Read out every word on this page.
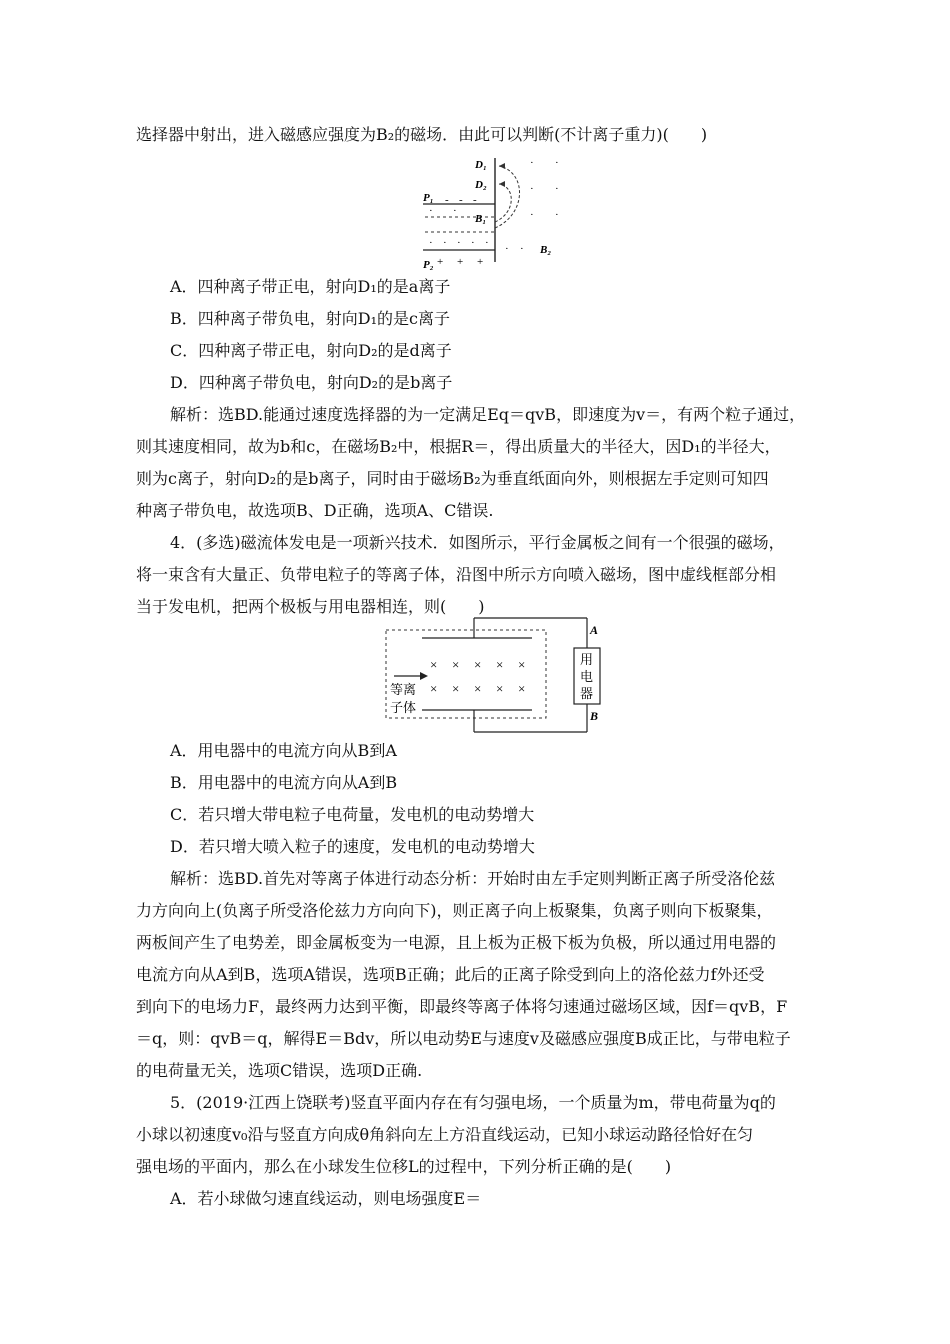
选择器中射出，进入磁感应强度为B₂的磁场．由此可以判断(不计离子重力)(　　)
D₁
D₂
P₁
P₂
B₁
B₂
- - -
+ + +
· ·
· · · · ·
· ·
· ·
· ·
· ·
A．四种离子带正电，射向D₁的是a离子
B．四种离子带负电，射向D₁的是c离子
C．四种离子带正电，射向D₂的是d离子
D．四种离子带负电，射向D₂的是b离子
解析：选BD.能通过速度选择器的为一定满足Eq＝qvB，即速度为v＝，有两个粒子通过，
则其速度相同，故为b和c，在磁场B₂中，根据R＝，得出质量大的半径大，因D₁的半径大，
则为c离子，射向D₂的是b离子，同时由于磁场B₂为垂直纸面向外，则根据左手定则可知四
种离子带负电，故选项B、D正确，选项A、C错误.
4．(多选)磁流体发电是一项新兴技术．如图所示，平行金属板之间有一个很强的磁场，
将一束含有大量正、负带电粒子的等离子体，沿图中所示方向喷入磁场，图中虚线框部分相
当于发电机，把两个极板与用电器相连，则(　　)
× × × × ×
× × × × ×
等离
子体
用
电
器
A
B
A．用电器中的电流方向从B到A
B．用电器中的电流方向从A到B
C．若只增大带电粒子电荷量，发电机的电动势增大
D．若只增大喷入粒子的速度，发电机的电动势增大
解析：选BD.首先对等离子体进行动态分析：开始时由左手定则判断正离子所受洛伦兹
力方向向上(负离子所受洛伦兹力方向向下)，则正离子向上板聚集，负离子则向下板聚集，
两板间产生了电势差，即金属板变为一电源，且上板为正极下板为负极，所以通过用电器的
电流方向从A到B，选项A错误，选项B正确；此后的正离子除受到向上的洛伦兹力f外还受
到向下的电场力F，最终两力达到平衡，即最终等离子体将匀速通过磁场区域，因f＝qvB，F
＝q，则：qvB＝q，解得E＝Bdv，所以电动势E与速度v及磁感应强度B成正比，与带电粒子
的电荷量无关，选项C错误，选项D正确.
5．(2019·江西上饶联考)竖直平面内存在有匀强电场，一个质量为m，带电荷量为q的
小球以初速度v₀沿与竖直方向成θ角斜向左上方沿直线运动，已知小球运动路径恰好在匀
强电场的平面内，那么在小球发生位移L的过程中，下列分析正确的是(　　)
A．若小球做匀速直线运动，则电场强度E＝
